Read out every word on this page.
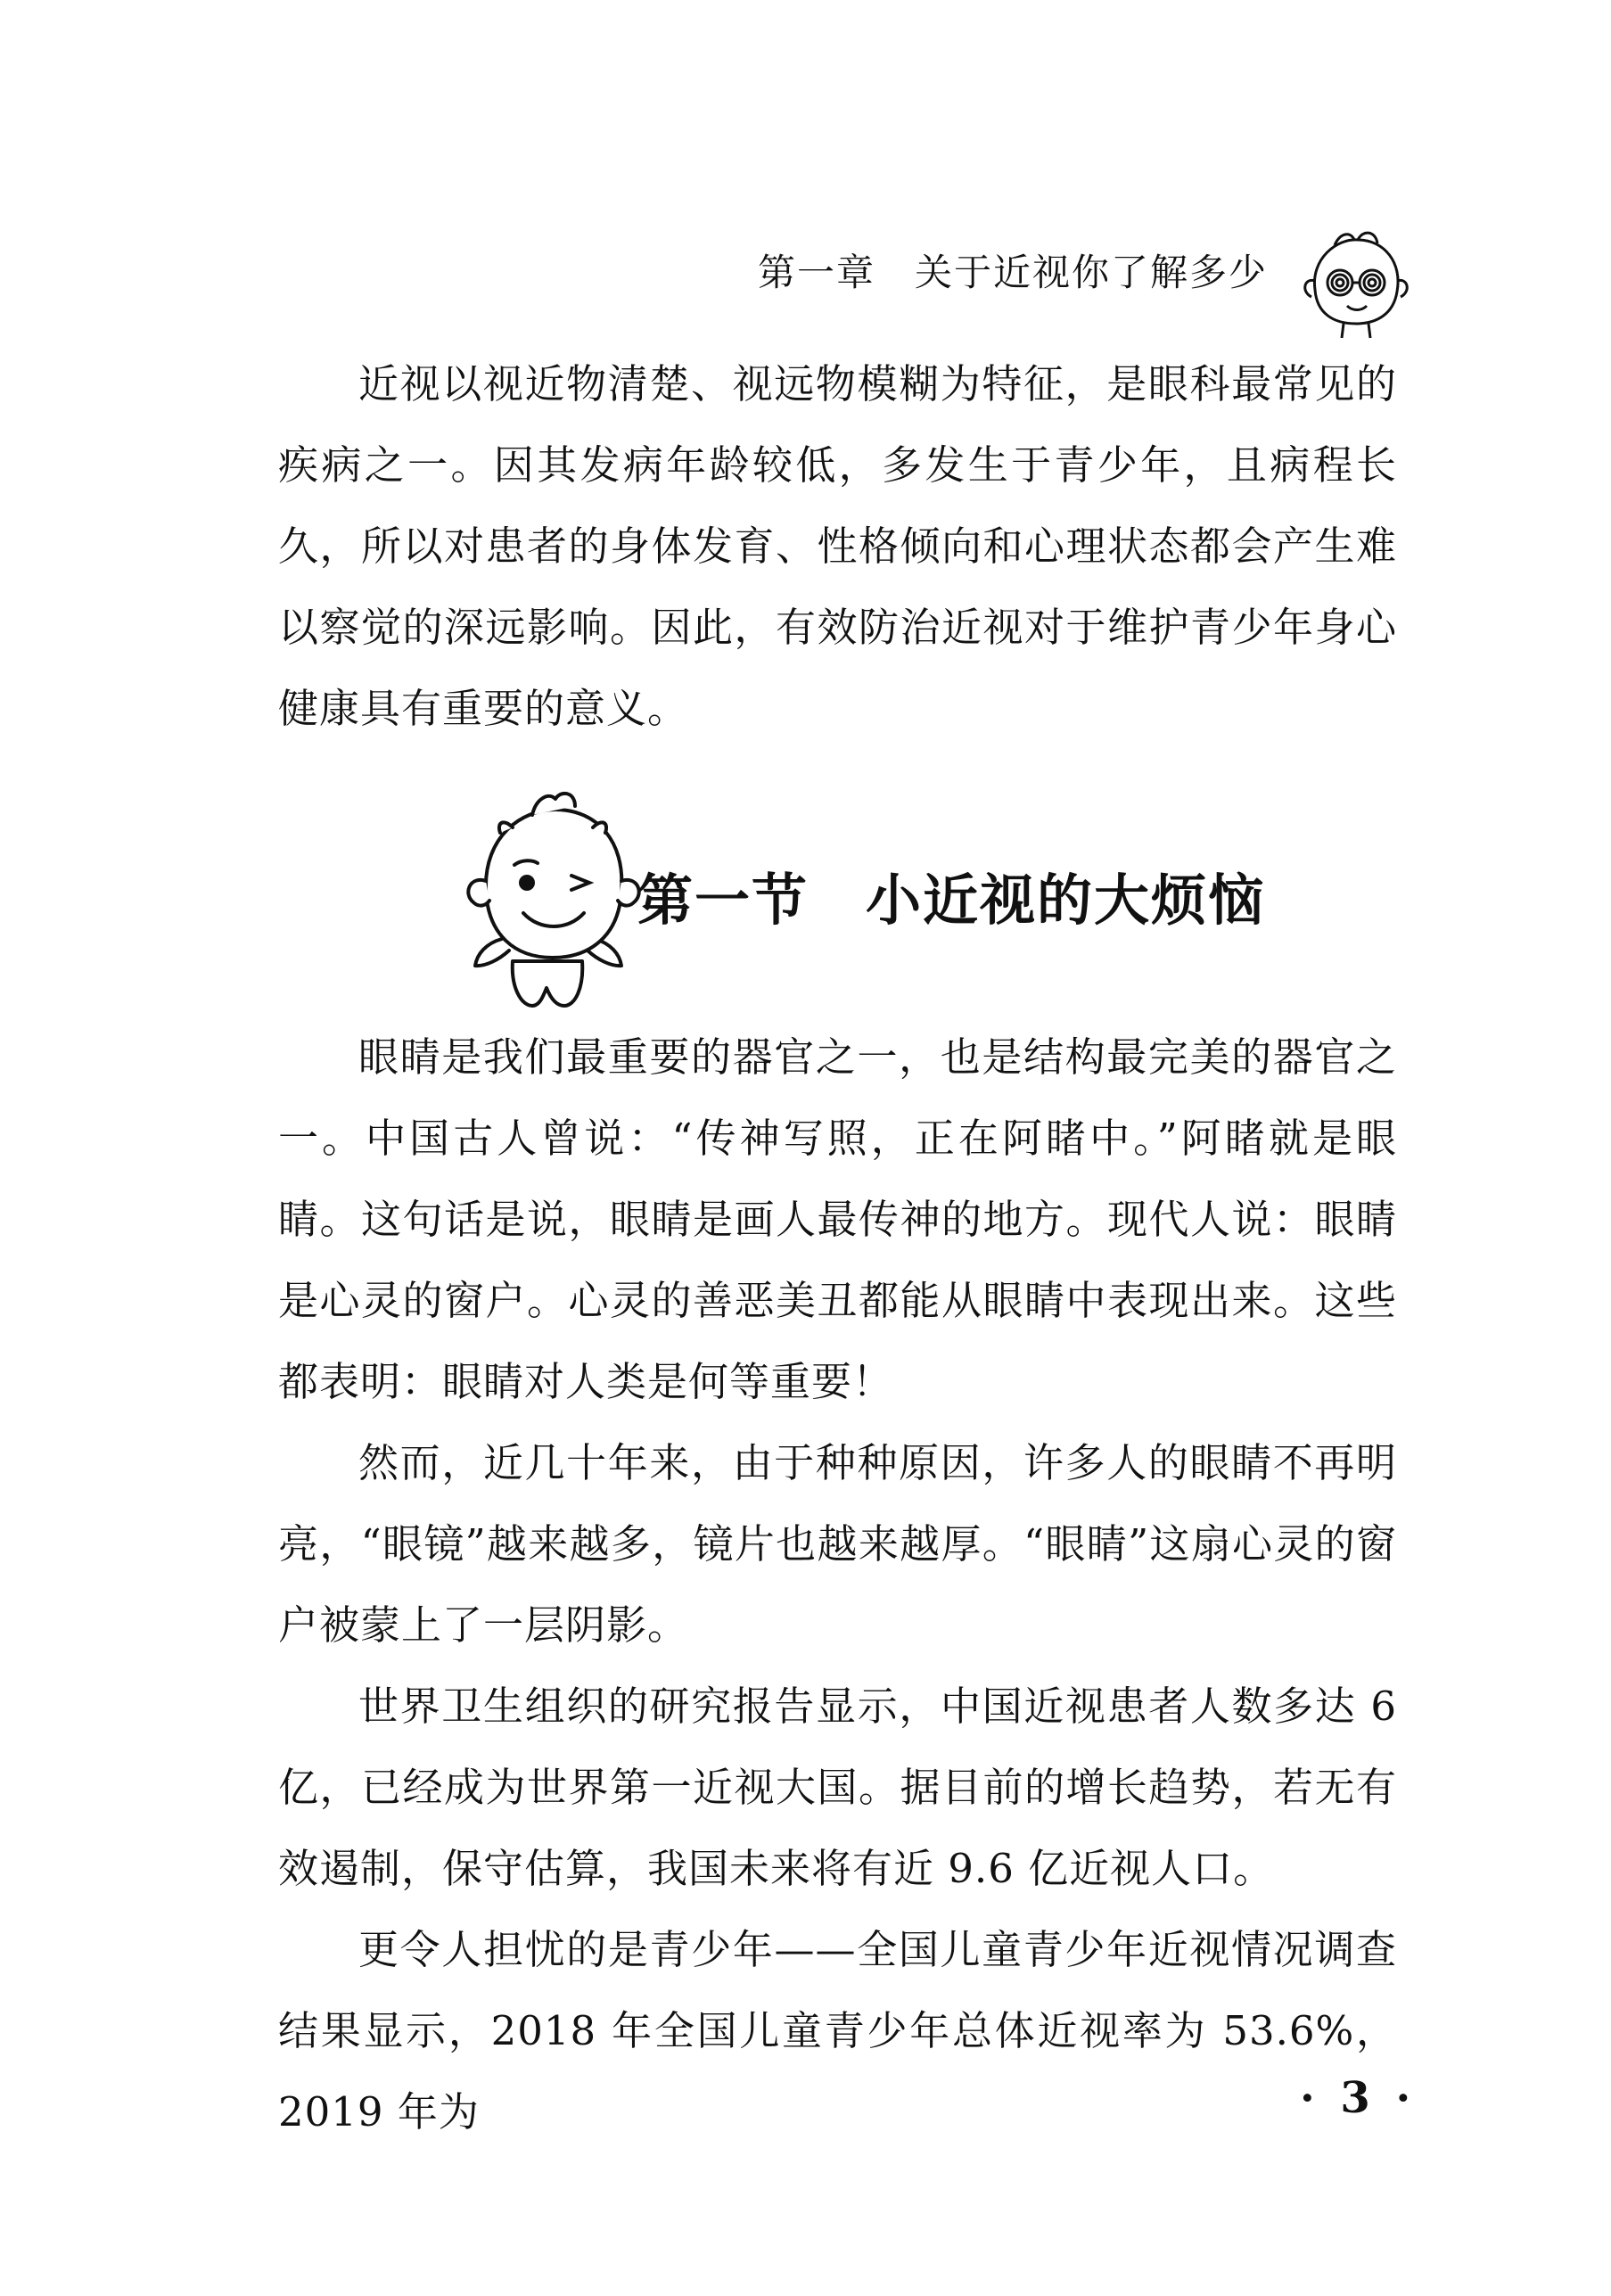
第一章　关于近视你了解多少

近视以视近物清楚、视远物模糊为特征，是眼科最常见的疾病之一。因其发病年龄较低，多发生于青少年，且病程长久，所以对患者的身体发育、性格倾向和心理状态都会产生难以察觉的深远影响。因此，有效防治近视对于维护青少年身心健康具有重要的意义。

第一节　小近视的大烦恼

眼睛是我们最重要的器官之一，也是结构最完美的器官之一。中国古人曾说：“传神写照，正在阿睹中。”阿睹就是眼睛。这句话是说，眼睛是画人最传神的地方。现代人说：眼睛是心灵的窗户。心灵的善恶美丑都能从眼睛中表现出来。这些都表明：眼睛对人类是何等重要！

然而，近几十年来，由于种种原因，许多人的眼睛不再明亮，“眼镜”越来越多，镜片也越来越厚。“眼睛”这扇心灵的窗户被蒙上了一层阴影。

世界卫生组织的研究报告显示，中国近视患者人数多达 6 亿，已经成为世界第一近视大国。据目前的增长趋势，若无有效遏制，保守估算，我国未来将有近 9.6 亿近视人口。

更令人担忧的是青少年——全国儿童青少年近视情况调查结果显示，2018 年全国儿童青少年总体近视率为 53.6%，2019 年为	· 3 ·
